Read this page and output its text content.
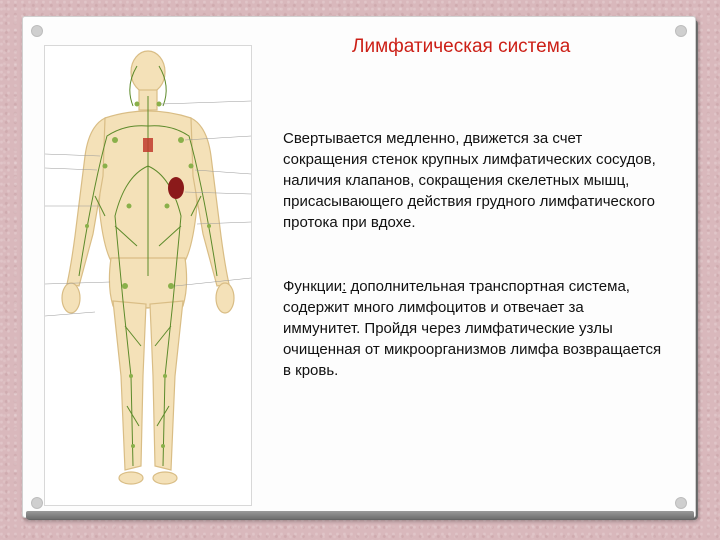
Лимфатическая система

Свертывается медленно, движется за счет сокращения стенок крупных лимфатических сосудов, наличия клапанов, сокращения скелетных мышц, присасывающего действия грудного лимфатического протока при вдохе.

Функции: дополнительная транспортная система, содержит много лимфоцитов и отвечает за иммунитет. Пройдя через лимфатические узлы очищенная от микроорганизмов лимфа возвращается в кровь.
